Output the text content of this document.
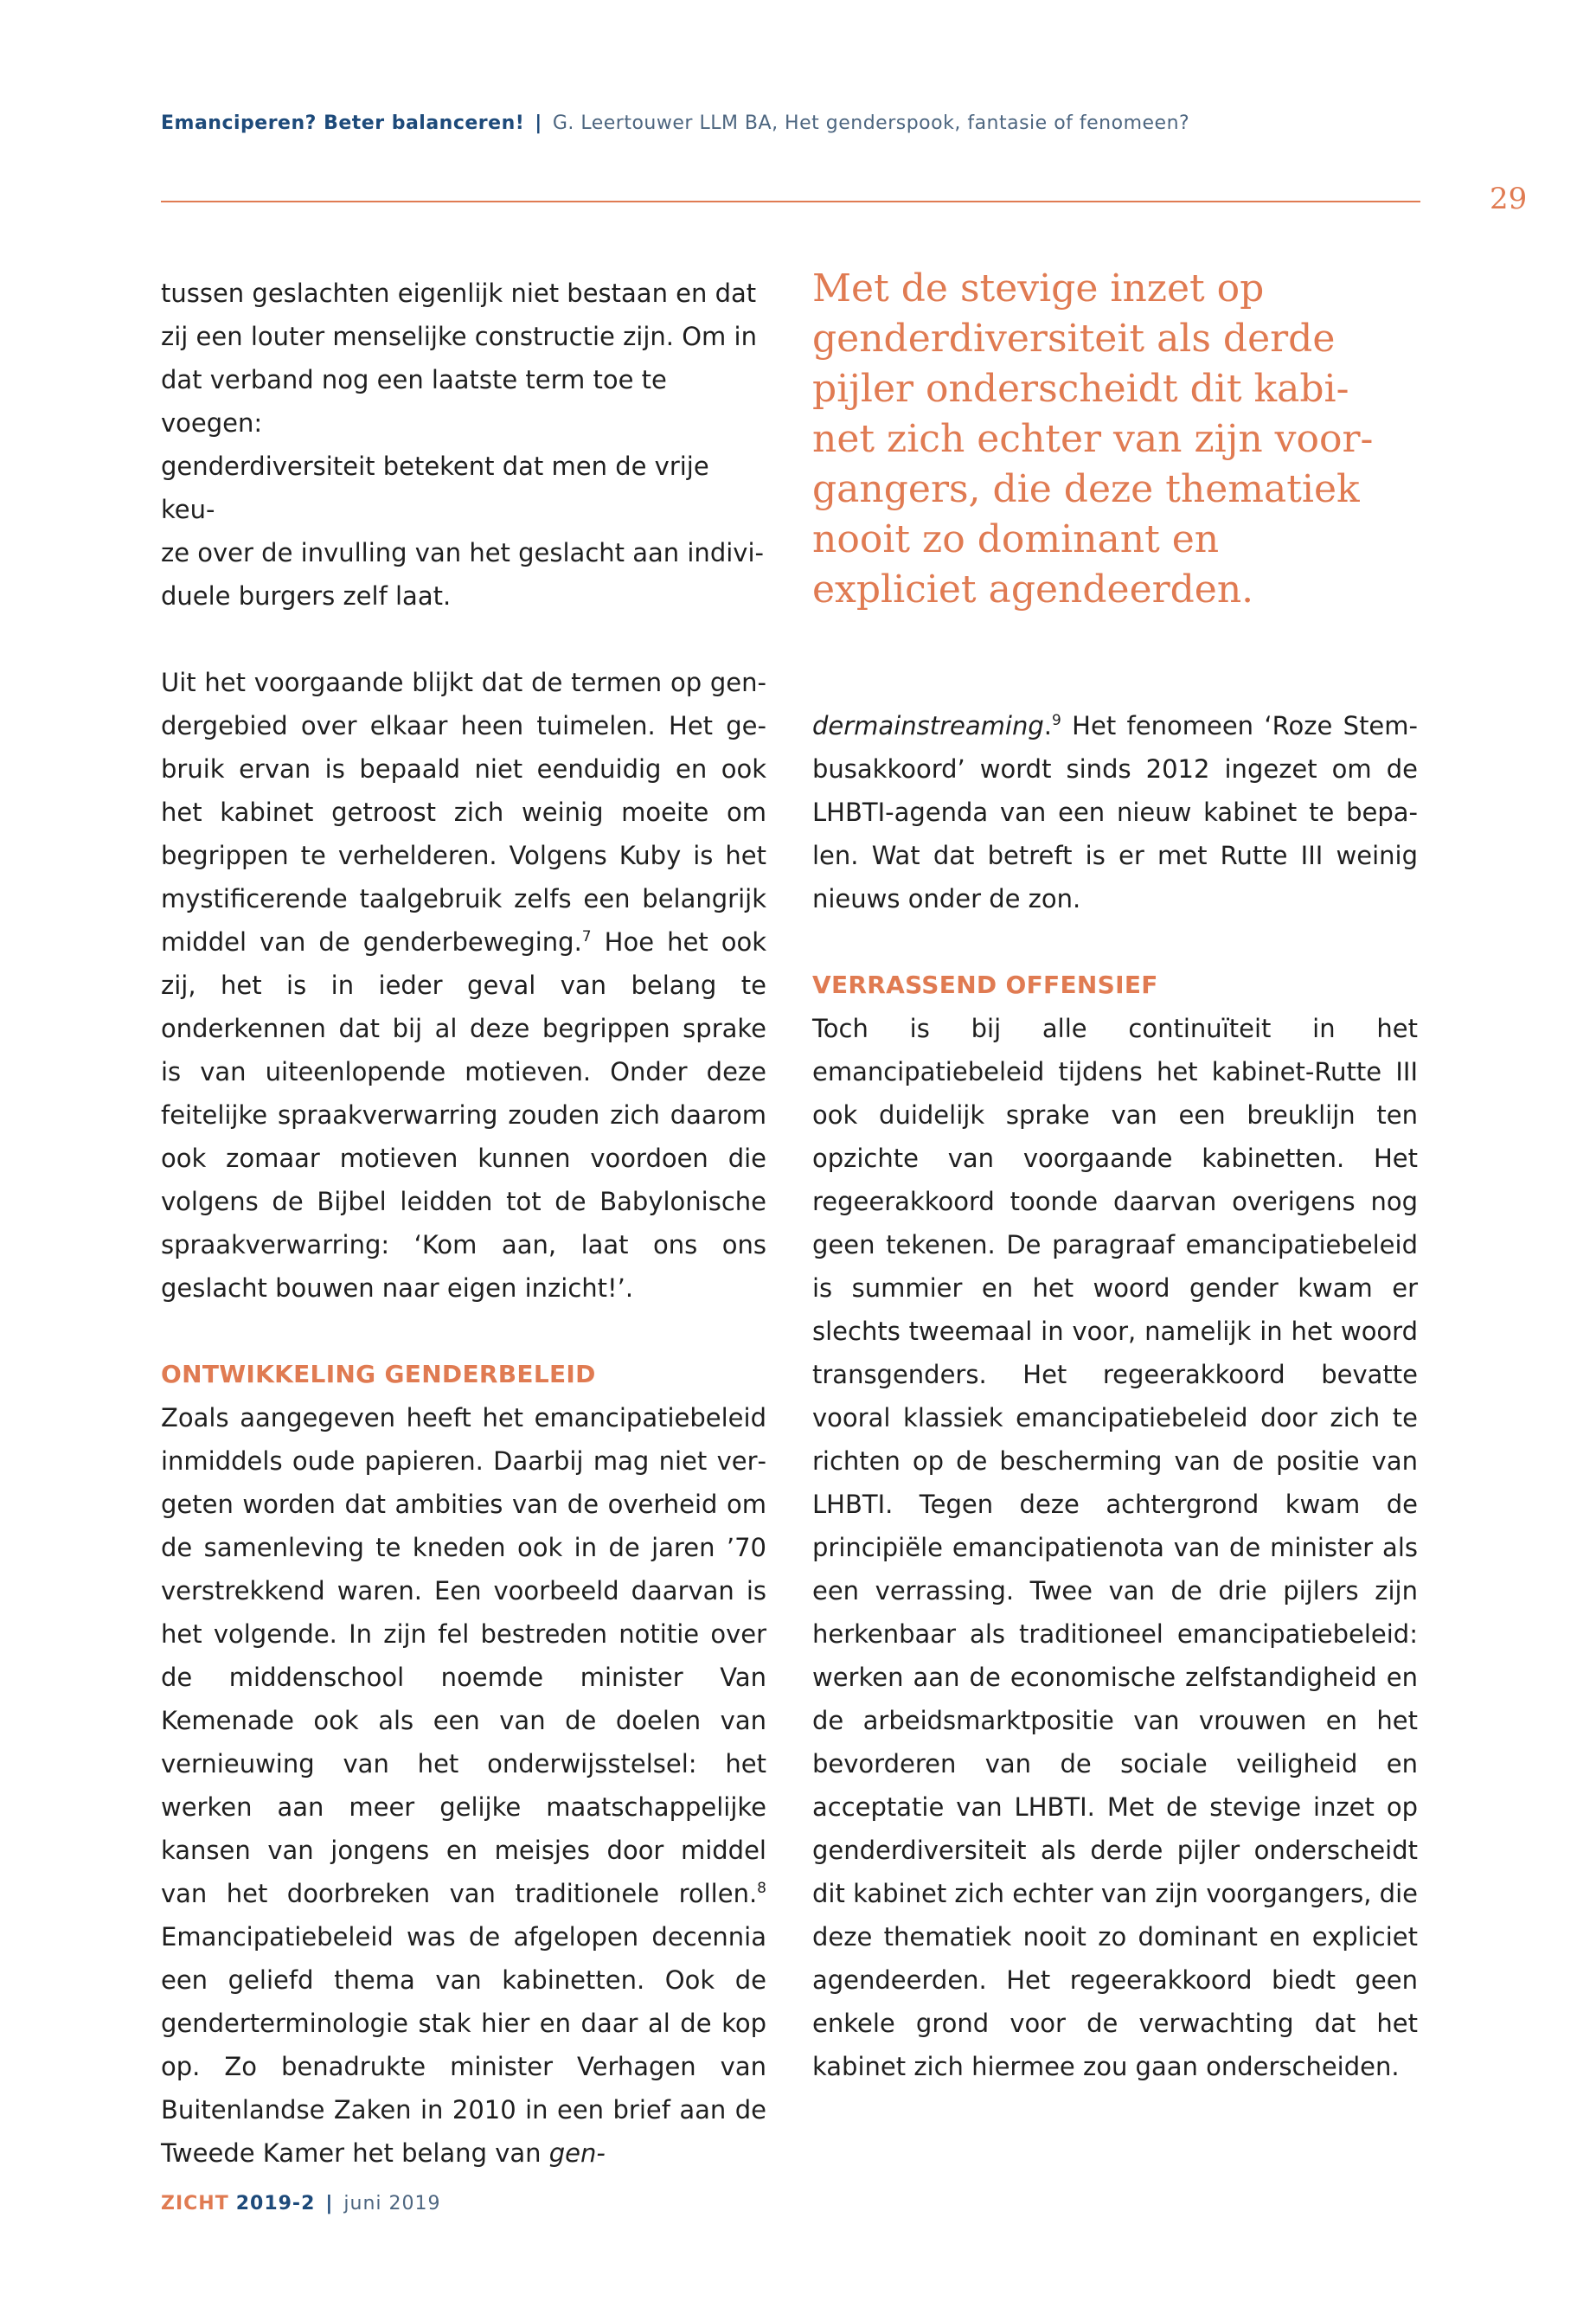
Emanciperen? Beter balanceren! | G. Leertouwer LLM BA, Het genderspook, fantasie of fenomeen?
29

tussen geslachten eigenlijk niet bestaan en dat
zij een louter menselijke constructie zijn. Om in
dat verband nog een laatste term toe te voegen:
genderdiversiteit betekent dat men de vrije keu-
ze over de invulling van het geslacht aan indivi-
duele burgers zelf laat.

Uit het voorgaande blijkt dat de termen op gendergebied over elkaar heen tuimelen. Het gebruik ervan is bepaald niet eenduidig en ook het kabinet getroost zich weinig moeite om begrippen te verhelderen. Volgens Kuby is het mystificerende taalgebruik zelfs een belangrijk middel van de genderbeweging.$^7$ Hoe het ook zij, het is in ieder geval van belang te onderkennen dat bij al deze begrippen sprake is van uiteenlopende motieven. Onder deze feitelijke spraakverwarring zouden zich daarom ook zomaar motieven kunnen voordoen die volgens de Bijbel leidden tot de Babylonische spraakverwarring: ‘Kom aan, laat ons ons geslacht bouwen naar eigen inzicht!’.

ONTWIKKELING GENDERBELEID

Zoals aangegeven heeft het emancipatiebeleid inmiddels oude papieren. Daarbij mag niet vergeten worden dat ambities van de overheid om de samenleving te kneden ook in de jaren ’70 verstrekkend waren. Een voorbeeld daarvan is het volgende. In zijn fel bestreden notitie over de middenschool noemde minister Van Kemenade ook als een van de doelen van vernieuwing van het onderwijsstelsel: het werken aan meer gelijke maatschappelijke kansen van jongens en meisjes door middel van het doorbreken van traditionele rollen.$^8$ Emancipatiebeleid was de afgelopen decennia een geliefd thema van kabinetten. Ook de genderterminologie stak hier en daar al de kop op. Zo benadrukte minister Verhagen van Buitenlandse Zaken in 2010 in een brief aan de Tweede Kamer het belang van gen-

Met de stevige inzet op
genderdiversiteit als derde
pijler onderscheidt dit kabi-
net zich echter van zijn voor-
gangers, die deze thematiek
nooit zo dominant en
expliciet agendeerden.

dermainstreaming.$^9$ Het fenomeen ‘Roze Stembusakkoord’ wordt sinds 2012 ingezet om de LHBTI-agenda van een nieuw kabinet te bepalen. Wat dat betreft is er met Rutte III weinig nieuws onder de zon.

VERRASSEND OFFENSIEF

Toch is bij alle continuïteit in het emancipatiebeleid tijdens het kabinet-Rutte III ook duidelijk sprake van een breuklijn ten opzichte van voorgaande kabinetten. Het regeerakkoord toonde daarvan overigens nog geen tekenen. De paragraaf emancipatiebeleid is summier en het woord gender kwam er slechts tweemaal in voor, namelijk in het woord transgenders. Het regeerakkoord bevatte vooral klassiek emancipatiebeleid door zich te richten op de bescherming van de positie van LHBTI. Tegen deze achtergrond kwam de principiële emancipatienota van de minister als een verrassing. Twee van de drie pijlers zijn herkenbaar als traditioneel emancipatiebeleid: werken aan de economische zelfstandigheid en de arbeidsmarktpositie van vrouwen en het bevorderen van de sociale veiligheid en acceptatie van LHBTI. Met de stevige inzet op genderdiversiteit als derde pijler onderscheidt dit kabinet zich echter van zijn voorgangers, die deze thematiek nooit zo dominant en expliciet agendeerden. Het regeerakkoord biedt geen enkele grond voor de verwachting dat het kabinet zich hiermee zou gaan onderscheiden.

ZICHT 2019-2 | juni 2019
